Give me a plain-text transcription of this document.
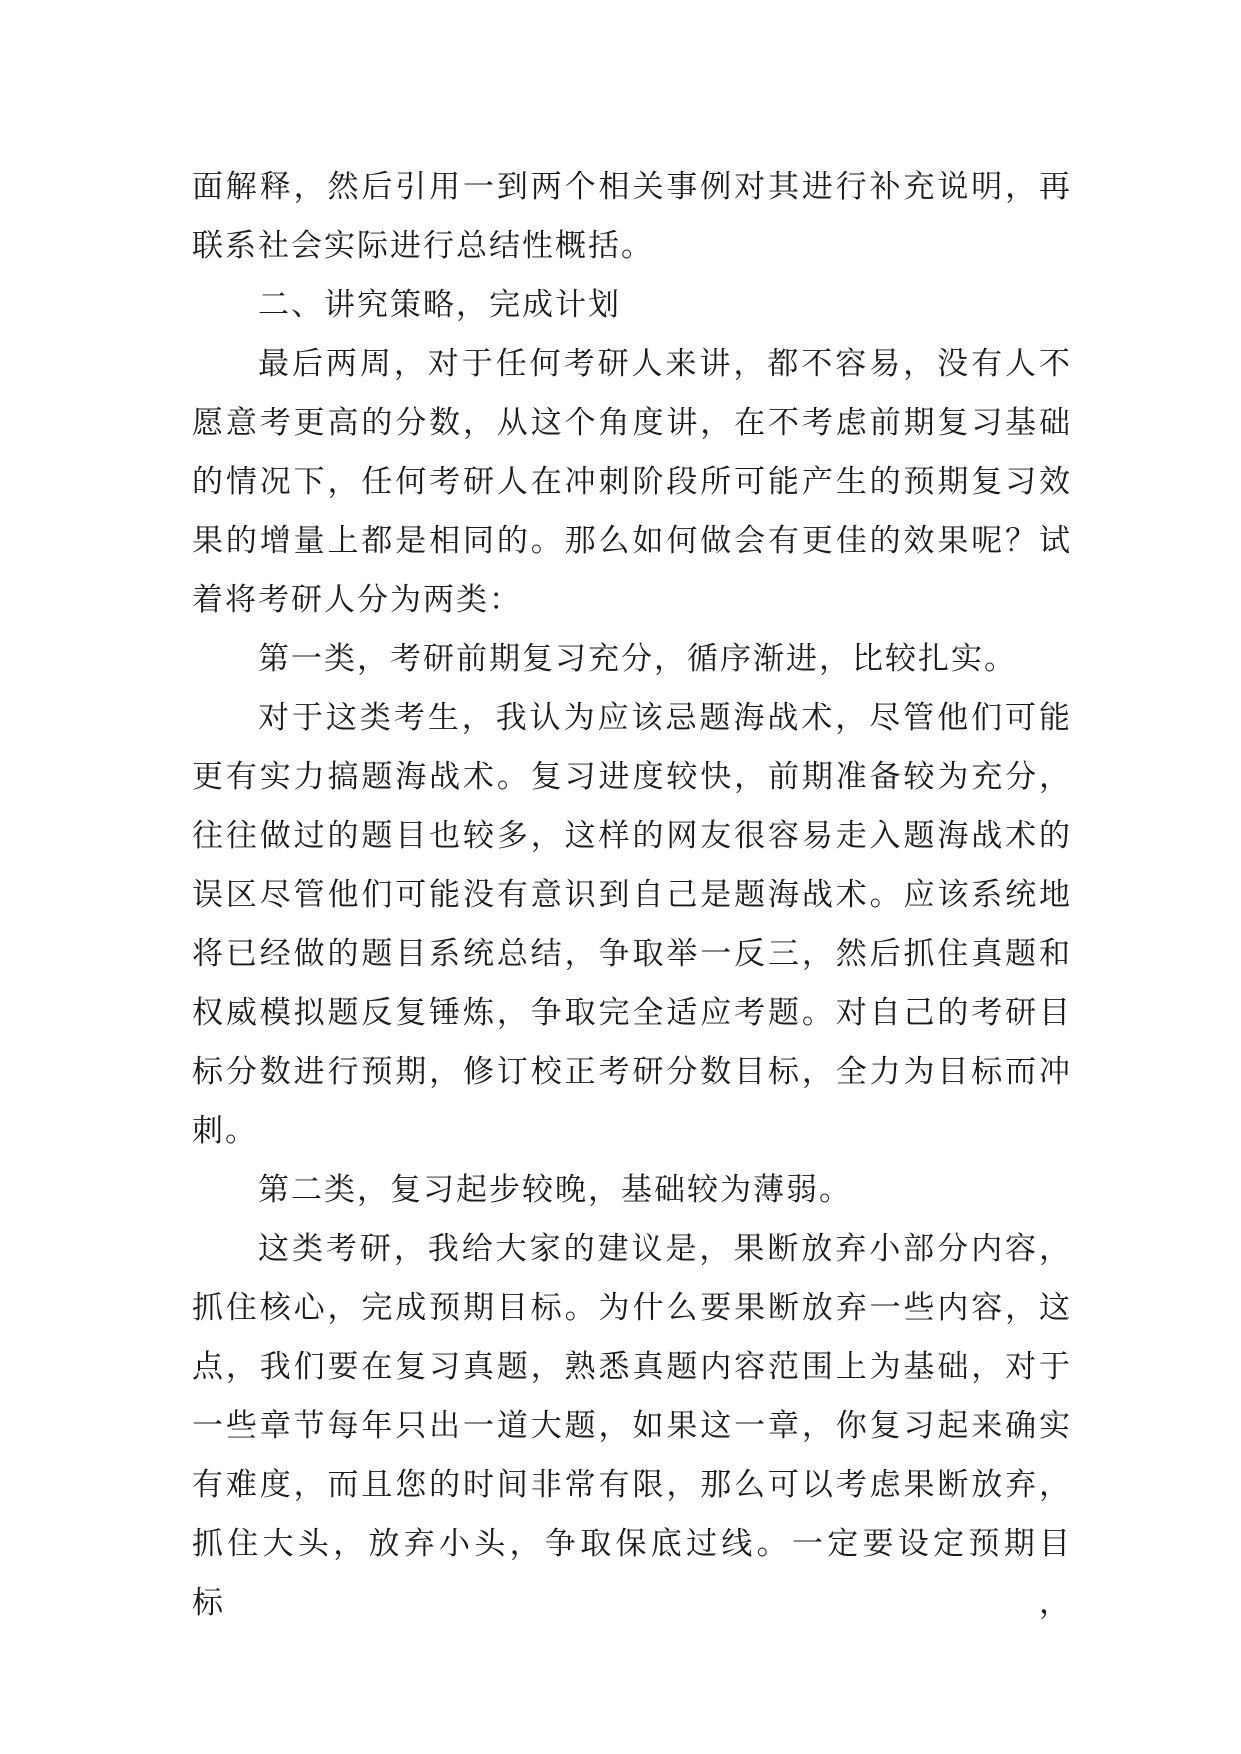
面解释，然后引用一到两个相关事例对其进行补充说明，再
联系社会实际进行总结性概括。
二、讲究策略，完成计划
最后两周，对于任何考研人来讲，都不容易，没有人不
愿意考更高的分数，从这个角度讲，在不考虑前期复习基础
的情况下，任何考研人在冲刺阶段所可能产生的预期复习效
果的增量上都是相同的。那么如何做会有更佳的效果呢？试
着将考研人分为两类：
第一类，考研前期复习充分，循序渐进，比较扎实。
对于这类考生，我认为应该忌题海战术，尽管他们可能
更有实力搞题海战术。复习进度较快，前期准备较为充分，
往往做过的题目也较多，这样的网友很容易走入题海战术的
误区尽管他们可能没有意识到自己是题海战术。应该系统地
将已经做的题目系统总结，争取举一反三，然后抓住真题和
权威模拟题反复锤炼，争取完全适应考题。对自己的考研目
标分数进行预期，修订校正考研分数目标，全力为目标而冲
刺。
第二类，复习起步较晚，基础较为薄弱。
这类考研，我给大家的建议是，果断放弃小部分内容，
抓住核心，完成预期目标。为什么要果断放弃一些内容，这
点，我们要在复习真题，熟悉真题内容范围上为基础，对于
一些章节每年只出一道大题，如果这一章，你复习起来确实
有难度，而且您的时间非常有限，那么可以考虑果断放弃，
抓住大头，放弃小头，争取保底过线。一定要设定预期目标，
